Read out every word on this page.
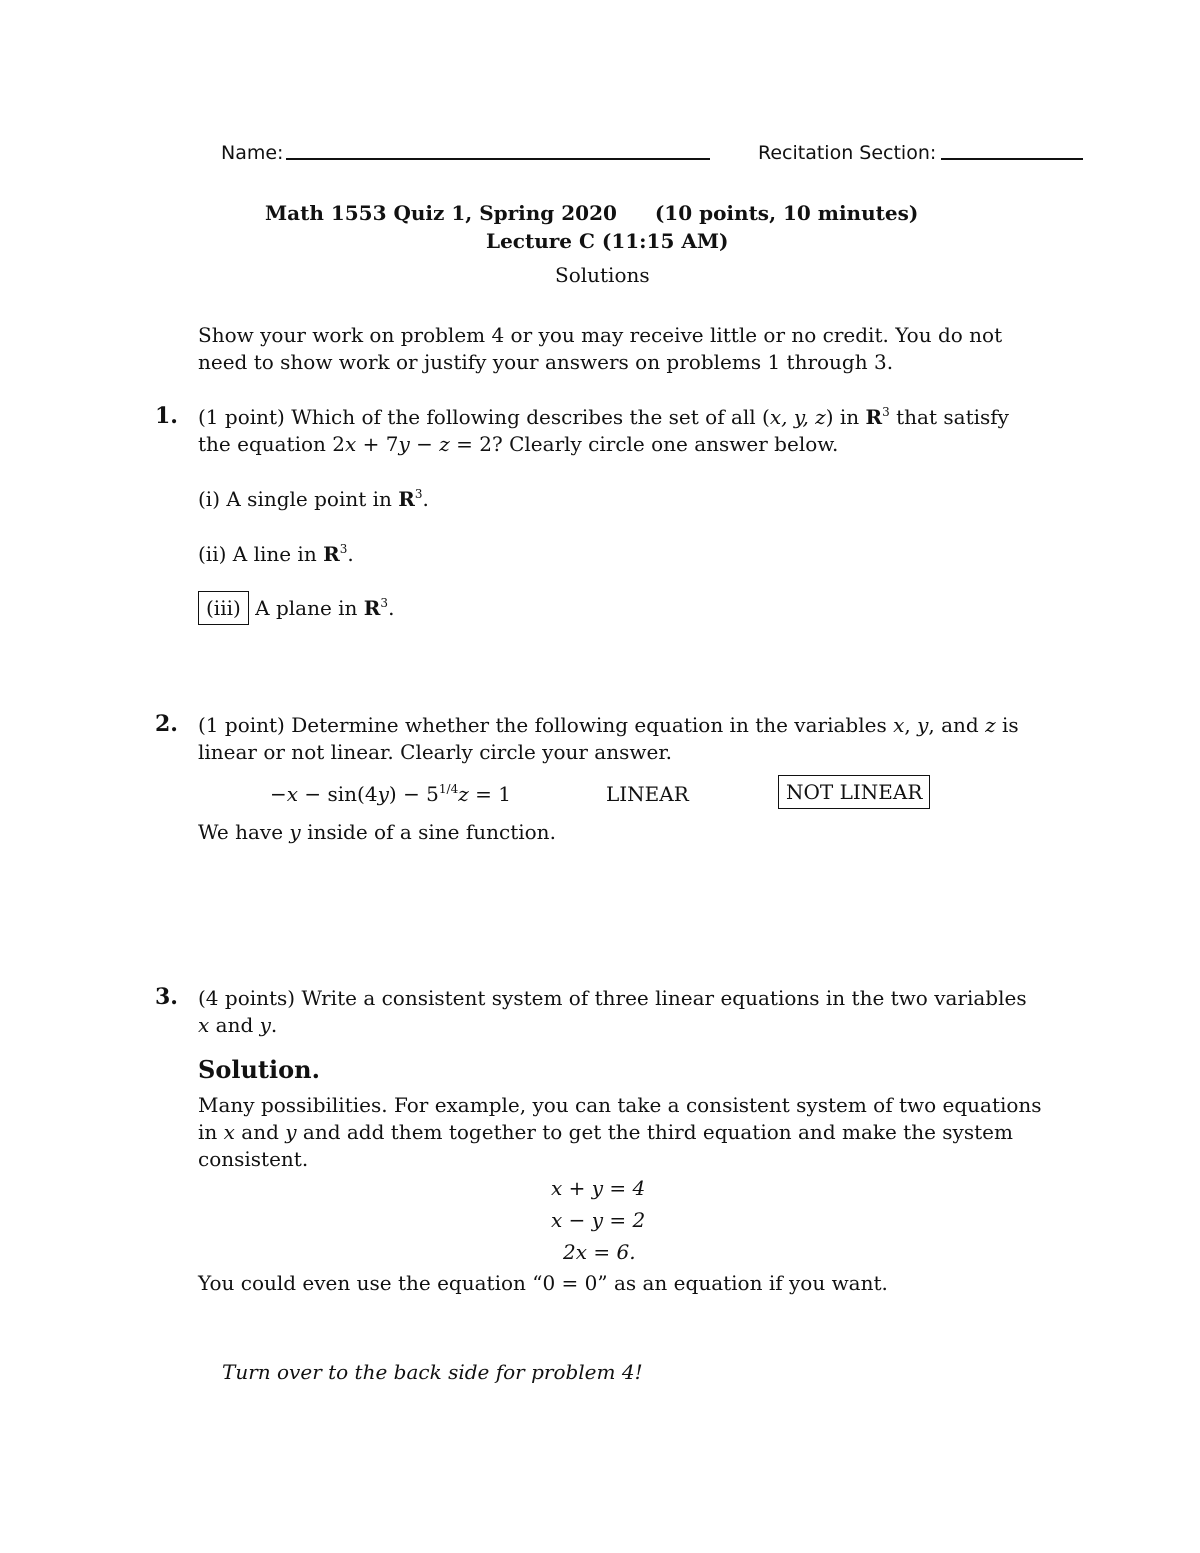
Name:	Recitation Section:
Math 1553 Quiz 1, Spring 2020 (10 points, 10 minutes)
Lecture C (11:15 AM)
Solutions
Show your work on problem 4 or you may receive little or no credit. You do not
need to show work or justify your answers on problems 1 through 3.
1. (1 point) Which of the following describes the set of all (x, y, z) in $R^3$ that satisfy
the equation 2x + 7y − z = 2? Clearly circle one answer below.
(i) A single point in $R^3$.
(ii) A line in $R^3$.
(iii) A plane in $R^3$.
2. (1 point) Determine whether the following equation in the variables x, y, and z is
linear or not linear. Clearly circle your answer.
$-x - \sin(4y) - 5^{1/4}z = 1$	LINEAR	NOT LINEAR
We have y inside of a sine function.
3. (4 points) Write a consistent system of three linear equations in the two variables
x and y.
Solution.
Many possibilities. For example, you can take a consistent system of two equations
in x and y and add them together to get the third equation and make the system
consistent.
x + y = 4
x − y = 2
2x = 6.
You could even use the equation “0 = 0” as an equation if you want.
Turn over to the back side for problem 4!
